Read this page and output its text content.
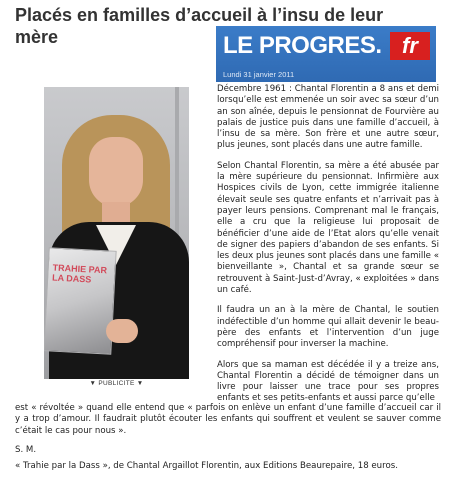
Placés en familles d’accueil à l’insu de leur mère	LE PROGRES. fr
Lundi 31 janvier 2011
TRAHIE PAR LA DASS
▼ PUBLICITE ▼

Décembre 1961 : Chantal Florentin a 8 ans et demi lorsqu’elle est emmenée un soir avec sa sœur d’un an son aînée, depuis le pensionnat de Fourvière au palais de justice puis dans une famille d’accueil, à l’insu de sa mère. Son frère et une autre sœur, plus jeunes, sont placés dans une autre famille.

Selon Chantal Florentin, sa mère a été abusée par la mère supérieure du pensionnat. Infirmière aux Hospices civils de Lyon, cette immigrée italienne élevait seule ses quatre enfants et n’arrivait pas à payer leurs pensions. Comprenant mal le français, elle a cru que la religieuse lui proposait de bénéficier d’une aide de l’Etat alors qu’elle venait de signer des papiers d’abandon de ses enfants. Si les deux plus jeunes sont placés dans une famille « bienveillante », Chantal et sa grande sœur se retrouvent à Saint-Just-d’Avray, « exploitées » dans un café.

Il faudra un an à la mère de Chantal, le soutien indéfectible d’un homme qui allait devenir le beau-père des enfants et l’intervention d’un juge compréhensif pour inverser la machine.

Alors que sa maman est décédée il y a treize ans, Chantal Florentin a décidé de témoigner dans un livre pour laisser une trace pour ses propres enfants et ses petits-enfants et aussi parce qu’elle

est « révoltée » quand elle entend que « parfois on enlève un enfant d’une famille d’accueil car il y a trop d’amour. Il faudrait plutôt écouter les enfants qui souffrent et veulent se sauver comme c’était le cas pour nous ».

S. M.

« Trahie par la Dass », de Chantal Argaillot Florentin, aux Editions Beaurepaire, 18 euros.
